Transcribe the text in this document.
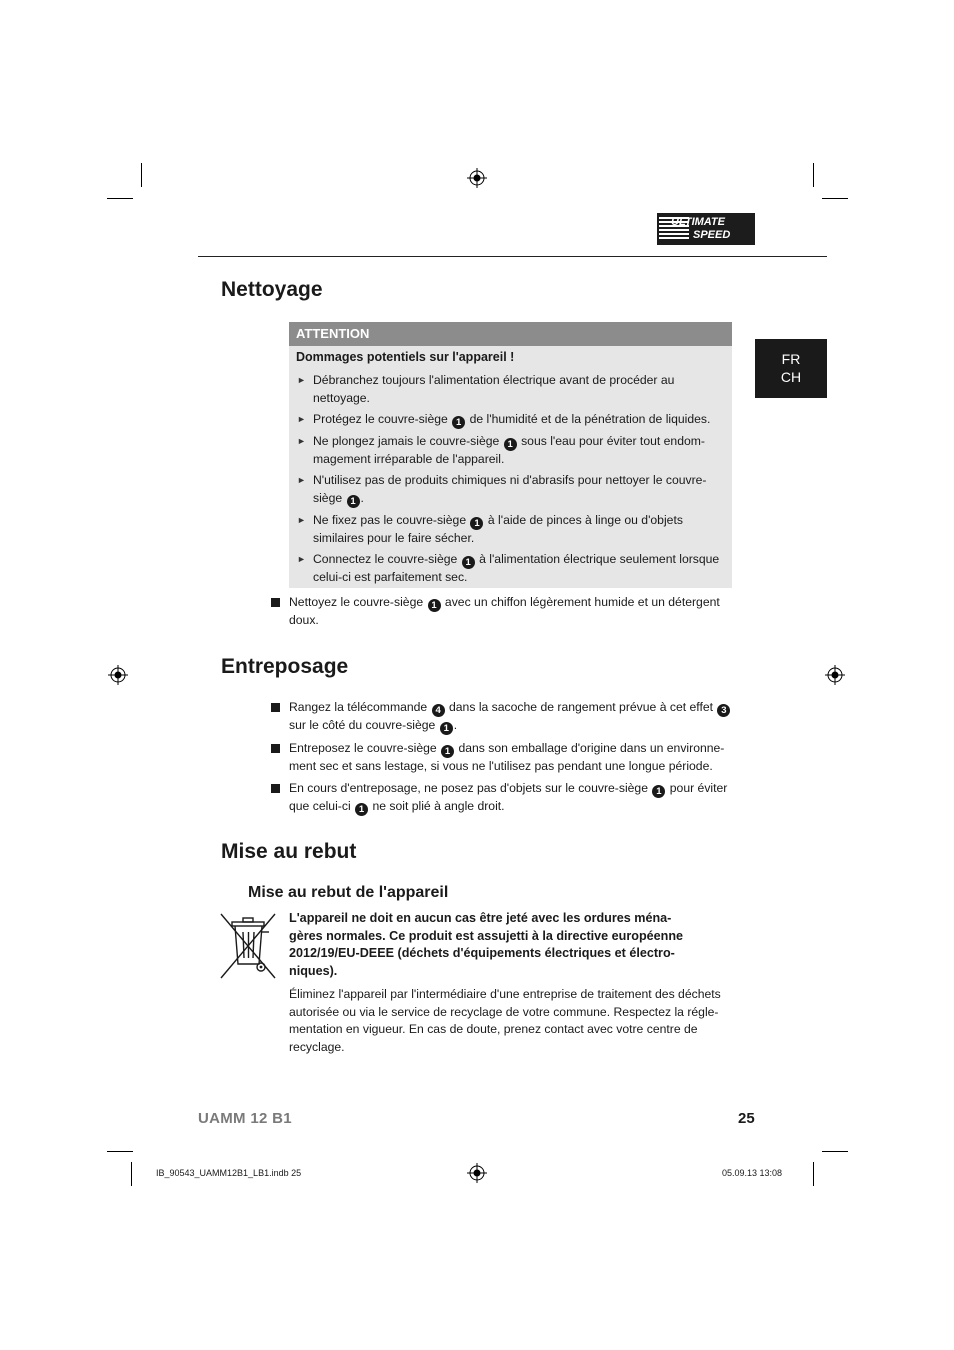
ULTIMATE
SPEED
FR
CH
Nettoyage
ATTENTION
Dommages potentiels sur l'appareil !
► Débranchez toujours l'alimentation électrique avant de procéder au
nettoyage.
► Protégez le couvre-siège 1 de l'humidité et de la pénétration de liquides.
► Ne plongez jamais le couvre-siège 1 sous l'eau pour éviter tout endom-
magement irréparable de l'appareil.
► N'utilisez pas de produits chimiques ni d'abrasifs pour nettoyer le couvre-
siège 1 .
► Ne fixez pas le couvre-siège 1 à l'aide de pinces à linge ou d'objets
similaires pour le faire sécher.
► Connectez le couvre-siège 1 à l'alimentation électrique seulement lorsque
celui-ci est parfaitement sec.
Nettoyez le couvre-siège 1 avec un chiffon légèrement humide et un détergent
doux.
Entreposage
Rangez la télécommande 4 dans la sacoche de rangement prévue à cet effet 3
sur le côté du couvre-siège 1 .
Entreposez le couvre-siège 1 dans son emballage d'origine dans un environne-
ment sec et sans lestage, si vous ne l'utilisez pas pendant une longue période.
En cours d'entreposage, ne posez pas d'objets sur le couvre-siège 1 pour éviter
que celui-ci 1 ne soit plié à angle droit.
Mise au rebut
Mise au rebut de l'appareil
L'appareil ne doit en aucun cas être jeté avec les ordures ména-
gères normales. Ce produit est assujetti à la directive européenne
2012/19/EU-DEEE (déchets d'équipements électriques et électro-
niques).
Éliminez l'appareil par l'intermédiaire d'une entreprise de traitement des déchets
autorisée ou via le service de recyclage de votre commune. Respectez la régle-
mentation en vigueur. En cas de doute, prenez contact avec votre centre de
recyclage.
UAMM 12 B1	25
IB_90543_UAMM12B1_LB1.indb 25	05.09.13 13:08
